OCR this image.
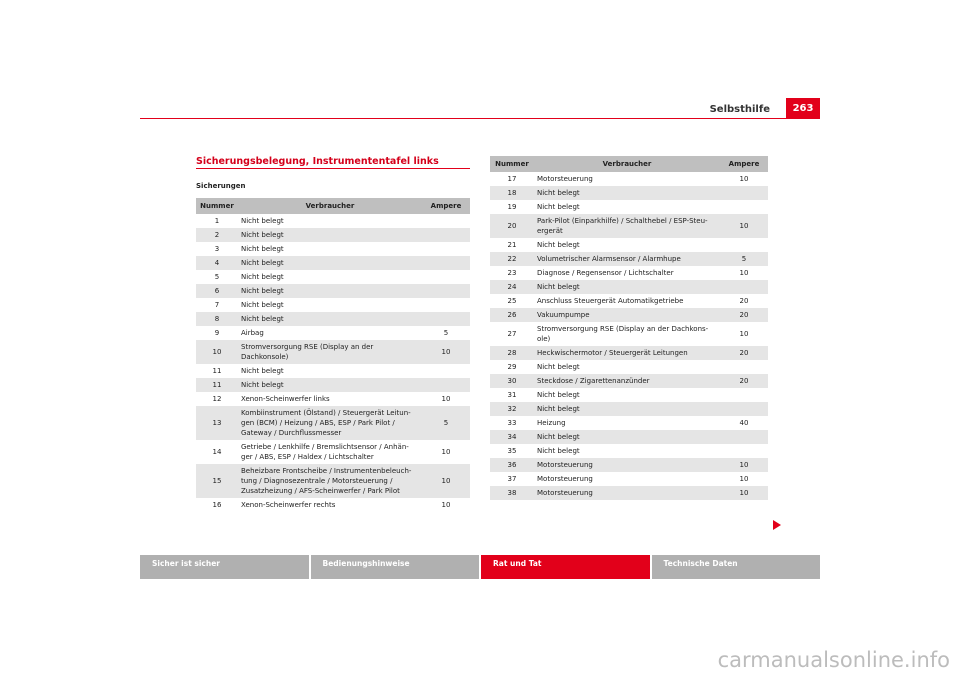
Selbsthilfe	263
Sicherungsbelegung, Instrumententafel links
Sicherungen
Nummer	Verbraucher	Ampere
1	Nicht belegt	
2	Nicht belegt	
3	Nicht belegt	
4	Nicht belegt	
5	Nicht belegt	
6	Nicht belegt	
7	Nicht belegt	
8	Nicht belegt	
9	Airbag	5
10	Stromversorgung RSE (Display an der Dachkonsole)	10
11	Nicht belegt	
11	Nicht belegt	
12	Xenon-Scheinwerfer links	10
13	Kombiinstrument (Ölstand) / Steuergerät Leitun-gen (BCM) / Heizung / ABS, ESP / Park Pilot / Gateway / Durchflussmesser	5
14	Getriebe / Lenkhilfe / Bremslichtsensor / Anhän-ger / ABS, ESP / Haldex / Lichtschalter	10
15	Beheizbare Frontscheibe / Instrumentenbeleuch-tung / Diagnosezentrale / Motorsteuerung / Zusatzheizung / AFS-Scheinwerfer / Park Pilot	10
16	Xenon-Scheinwerfer rechts	10
Nummer	Verbraucher	Ampere
17	Motorsteuerung	10
18	Nicht belegt	
19	Nicht belegt	
20	Park-Pilot (Einparkhilfe) / Schalthebel / ESP-Steu-ergerät	10
21	Nicht belegt	
22	Volumetrischer Alarmsensor / Alarmhupe	5
23	Diagnose / Regensensor / Lichtschalter	10
24	Nicht belegt	
25	Anschluss Steuergerät Automatikgetriebe	20
26	Vakuumpumpe	20
27	Stromversorgung RSE (Display an der Dachkons-ole)	10
28	Heckwischermotor / Steuergerät Leitungen	20
29	Nicht belegt	
30	Steckdose / Zigarettenanzünder	20
31	Nicht belegt	
32	Nicht belegt	
33	Heizung	40
34	Nicht belegt	
35	Nicht belegt	
36	Motorsteuerung	10
37	Motorsteuerung	10
38	Motorsteuerung	10
Sicher ist sicher	Bedienungshinweise	Rat und Tat	Technische Daten
carmanualsonline.info
